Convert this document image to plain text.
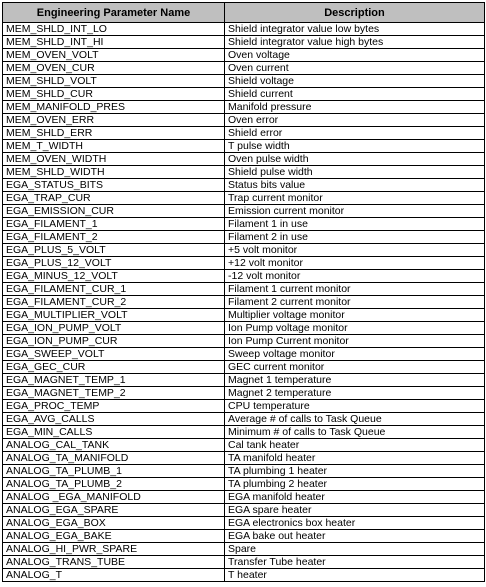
Engineering Parameter Name	Description
MEM_SHLD_INT_LO	Shield integrator value low bytes
MEM_SHLD_INT_HI	Shield integrator value high bytes
MEM_OVEN_VOLT	Oven voltage
MEM_OVEN_CUR	Oven current
MEM_SHLD_VOLT	Shield voltage
MEM_SHLD_CUR	Shield current
MEM_MANIFOLD_PRES	Manifold pressure
MEM_OVEN_ERR	Oven error
MEM_SHLD_ERR	Shield error
MEM_T_WIDTH	T pulse width
MEM_OVEN_WIDTH	Oven pulse width
MEM_SHLD_WIDTH	Shield pulse width
EGA_STATUS_BITS	Status bits value
EGA_TRAP_CUR	Trap current monitor
EGA_EMISSION_CUR	Emission current monitor
EGA_FILAMENT_1	Filament 1 in use
EGA_FILAMENT_2	Filament 2 in use
EGA_PLUS_5_VOLT	+5 volt monitor
EGA_PLUS_12_VOLT	+12 volt monitor
EGA_MINUS_12_VOLT	-12 volt monitor
EGA_FILAMENT_CUR_1	Filament 1 current monitor
EGA_FILAMENT_CUR_2	Filament 2 current monitor
EGA_MULTIPLIER_VOLT	Multiplier voltage monitor
EGA_ION_PUMP_VOLT	Ion Pump voltage monitor
EGA_ION_PUMP_CUR	Ion Pump Current monitor
EGA_SWEEP_VOLT	Sweep voltage monitor
EGA_GEC_CUR	GEC current monitor
EGA_MAGNET_TEMP_1	Magnet 1 temperature
EGA_MAGNET_TEMP_2	Magnet 2 temperature
EGA_PROC_TEMP	CPU temperature
EGA_AVG_CALLS	Average # of calls to Task Queue
EGA_MIN_CALLS	Minimum # of calls to Task Queue
ANALOG_CAL_TANK	Cal tank heater
ANALOG_TA_MANIFOLD	TA manifold heater
ANALOG_TA_PLUMB_1	TA plumbing 1 heater
ANALOG_TA_PLUMB_2	TA plumbing 2 heater
ANALOG _EGA_MANIFOLD	EGA manifold heater
ANALOG_EGA_SPARE	EGA spare heater
ANALOG_EGA_BOX	EGA electronics box heater
ANALOG_EGA_BAKE	EGA bake out heater
ANALOG_HI_PWR_SPARE	Spare
ANALOG_TRANS_TUBE	Transfer Tube heater
ANALOG_T	T heater
